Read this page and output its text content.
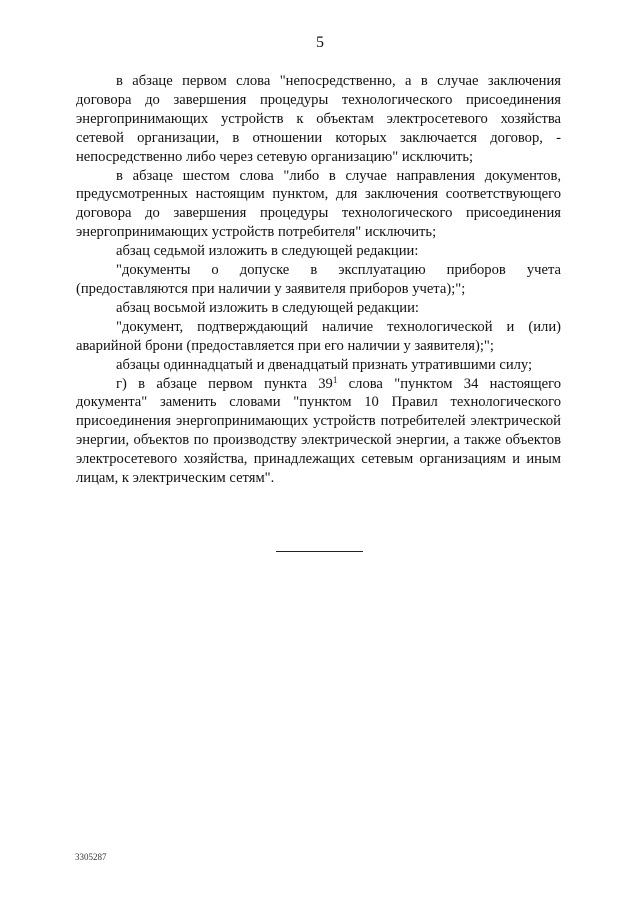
5

в абзаце первом слова "непосредственно, а в случае заключения договора до завершения процедуры технологического присоединения энергопринимающих устройств к объектам электросетевого хозяйства сетевой организации, в отношении которых заключается договор, - непосредственно либо через сетевую организацию" исключить;

в абзаце шестом слова "либо в случае направления документов, предусмотренных настоящим пунктом, для заключения соответствующего договора до завершения процедуры технологического присоединения энергопринимающих устройств потребителя" исключить;

абзац седьмой изложить в следующей редакции:

"документы о допуске в эксплуатацию приборов учета (предоставляются при наличии у заявителя приборов учета);";

абзац восьмой изложить в следующей редакции:

"документ, подтверждающий наличие технологической и (или) аварийной брони (предоставляется при его наличии у заявителя);";

абзацы одиннадцатый и двенадцатый признать утратившими силу;

г) в абзаце первом пункта $39^1$ слова "пунктом 34 настоящего документа" заменить словами "пунктом 10 Правил технологического присоединения энергопринимающих устройств потребителей электрической энергии, объектов по производству электрической энергии, а также объектов электросетевого хозяйства, принадлежащих сетевым организациям и иным лицам, к электрическим сетям".

3305287
